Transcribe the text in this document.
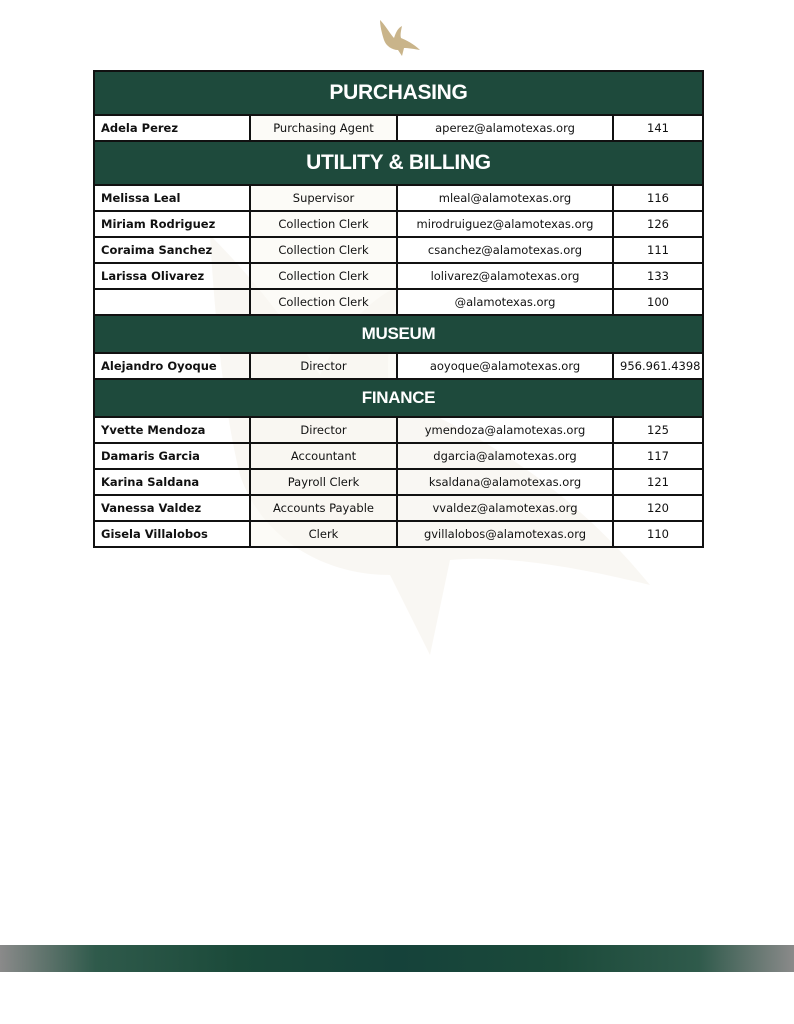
PURCHASING			
Adela Perez	Purchasing Agent	aperez@alamotexas.org	141
UTILITY & BILLING			
Melissa Leal	Supervisor	mleal@alamotexas.org	116
Miriam Rodriguez	Collection Clerk	mirodruiguez@alamotexas.org	126
Coraima Sanchez	Collection Clerk	csanchez@alamotexas.org	111
Larissa Olivarez	Collection Clerk	lolivarez@alamotexas.org	133
	Collection Clerk	@alamotexas.org	100
MUSEUM			
Alejandro Oyoque	Director	aoyoque@alamotexas.org	956.961.4398
FINANCE			
Yvette Mendoza	Director	ymendoza@alamotexas.org	125
Damaris Garcia	Accountant	dgarcia@alamotexas.org	117
Karina Saldana	Payroll Clerk	ksaldana@alamotexas.org	121
Vanessa Valdez	Accounts Payable	vvaldez@alamotexas.org	120
Gisela Villalobos	Clerk	gvillalobos@alamotexas.org	110
